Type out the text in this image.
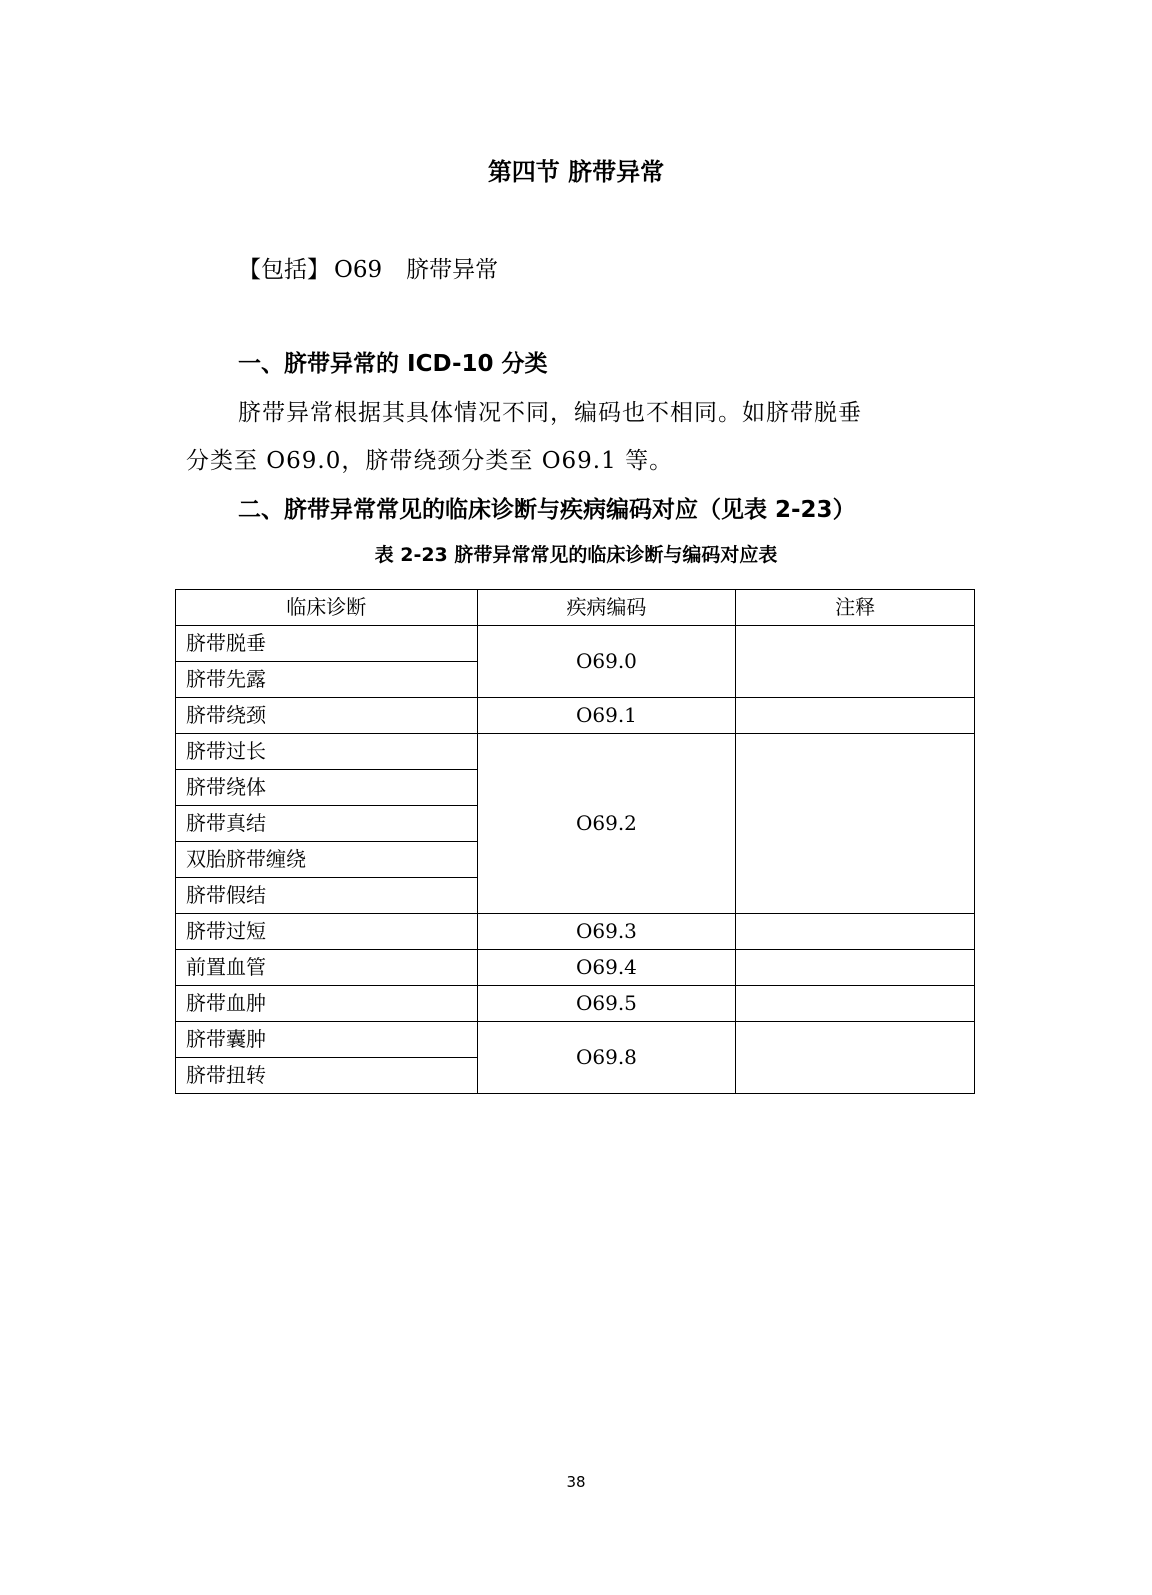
第四节 脐带异常
【包括】 O69 脐带异常
一、脐带异常的 ICD-10 分类
脐带异常根据其具体情况不同，编码也不相同。如脐带脱垂
分类至 O69.0，脐带绕颈分类至 O69.1 等。
二、脐带异常常见的临床诊断与疾病编码对应（见表 2-23）
表 2-23 脐带异常常见的临床诊断与编码对应表
临床诊断	疾病编码	注释
脐带脱垂	O69.0	
脐带先露		
脐带绕颈	O69.1	
脐带过长	O69.2	
脐带绕体		
脐带真结		
双胎脐带缠绕		
脐带假结		
脐带过短	O69.3	
前置血管	O69.4	
脐带血肿	O69.5	
脐带囊肿	O69.8	
脐带扭转		
38
